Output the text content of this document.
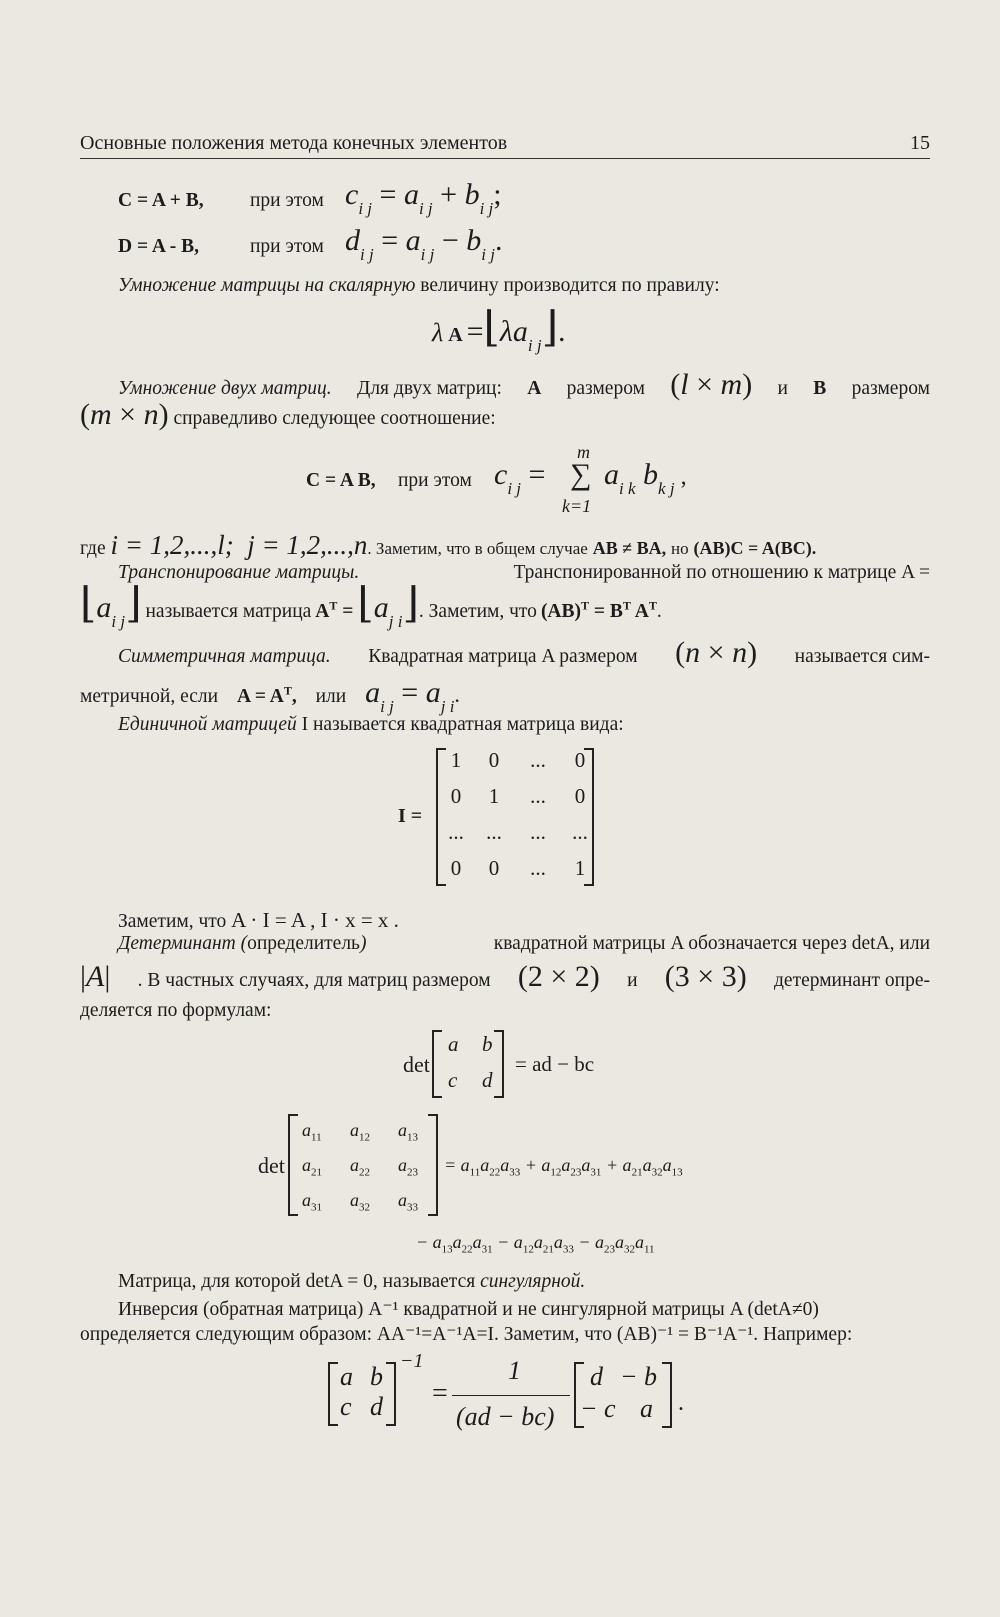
Основные положения метода конечных элементов	15
C = A + B, при этом ci j = ai j + bi j;
D = A - B,	при этом di j = ai j − bi j.
Умножение матрицы на скалярную величину производится по правилу:
λ A =⌊λai j⌋.
Умножение двух матриц. Для двух матриц: A размером (l × m) и B размером
(m × n) справедливо следующее соотношение:
C = A B, при этом ci j =
m
∑
k=1
ai k bk j ,
где i = 1,2,...,l;  j = 1,2,...,n. Заметим, что в общем случае AB ≠ BA, но (AB)C = A(BC).
Транспонирование матрицы.	Транспонированной по отношению к матрице A =
⌊ai j⌋ называется матрица $A^T$ = ⌊aj i⌋. Заметим, что $(AB)^T = B^T$ $A^T$.
Симметричная матрица. Квадратная матрица A размером (n × n) называется сим-
метричной, если $A = A^T$, или ai j = aj i.
Единичной матрицей I называется квадратная матрица вида:
I =
1	0	...	0
0	1	...	0
...	...	...	...
0	0	...	1
Заметим, что A · I = A , I · x = x .
Детерминант (определитель)	квадратной матрицы A обозначается через detA, или
|A| . В частных случаях, для матриц размером (2 × 2) и (3 × 3) детерминант опре-
деляется по формулам:
det
a b
c d
= ad − bc
det
$a_{11}$ $a_{12}$ $a_{13}$
$a_{21}$ $a_{22}$ $a_{23}$
$a_{31}$ $a_{32}$ $a_{33}$
= $a_{11}a_{22}a_{33} + a_{12}a_{23}a_{31} + a_{21}a_{32}a_{13}$
− $a_{13}a_{22}a_{31} - a_{12}a_{21}a_{33} - a_{23}a_{32}a_{11}$
Матрица, для которой detA = 0, называется сингулярной.
Инверсия (обратная матрица) A⁻¹ квадратной и не сингулярной матрицы A (detA≠0)
определяется следующим образом: AA⁻¹=A⁻¹A=I. Заметим, что (AB)⁻¹ = B⁻¹A⁻¹. Например:
a b
c d
−1
=
1
(ad − bc)
d − b
− c a .
